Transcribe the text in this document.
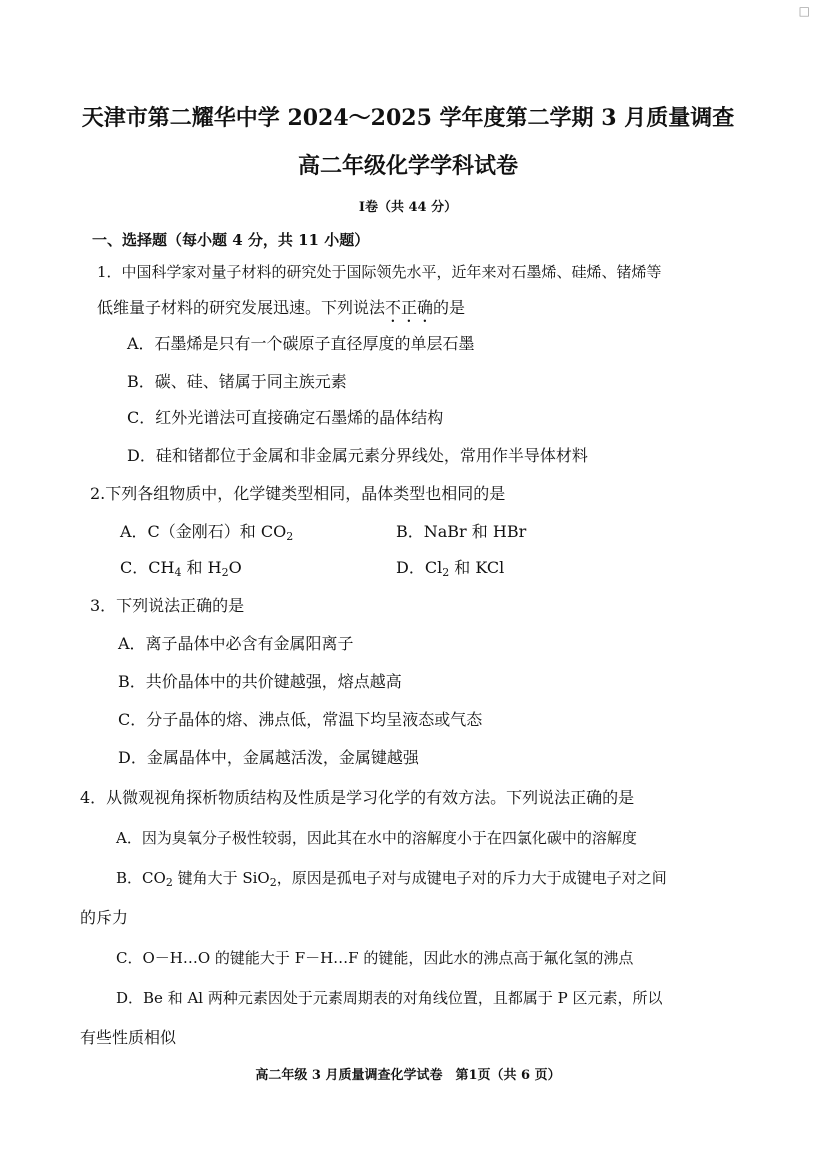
□
天津市第二耀华中学 2024～2025 学年度第二学期 3 月质量调查
高二年级化学学科试卷
Ⅰ卷（共 44 分）
一、选择题（每小题 4 分，共 11 小题）
1．中国科学家对量子材料的研究处于国际领先水平，近年来对石墨烯、硅烯、锗烯等
低维量子材料的研究发展迅速。下列说法不正确的是
A．石墨烯是只有一个碳原子直径厚度的单层石墨
B．碳、硅、锗属于同主族元素
C．红外光谱法可直接确定石墨烯的晶体结构
D．硅和锗都位于金属和非金属元素分界线处，常用作半导体材料
2.下列各组物质中，化学键类型相同，晶体类型也相同的是
A．C（金刚石）和 $CO_2$	B．NaBr 和 HBr
C．$CH_4$ 和 $H_2O$	D．$Cl_2$ 和 KCl
3．下列说法正确的是
A．离子晶体中必含有金属阳离子
B．共价晶体中的共价键越强，熔点越高
C．分子晶体的熔、沸点低，常温下均呈液态或气态
D．金属晶体中，金属越活泼，金属键越强
4．从微观视角探析物质结构及性质是学习化学的有效方法。下列说法正确的是
A．因为臭氧分子极性较弱，因此其在水中的溶解度小于在四氯化碳中的溶解度
B．$CO_2$ 键角大于 SiO$_2$，原因是孤电子对与成键电子对的斥力大于成键电子对之间
的斥力
C．O－H…O 的键能大于 F－H…F 的键能，因此水的沸点高于氟化氢的沸点
D．Be 和 Al 两种元素因处于元素周期表的对角线位置，且都属于 P 区元素，所以
有些性质相似
高二年级 3 月质量调查化学试卷　第1页（共 6 页）
